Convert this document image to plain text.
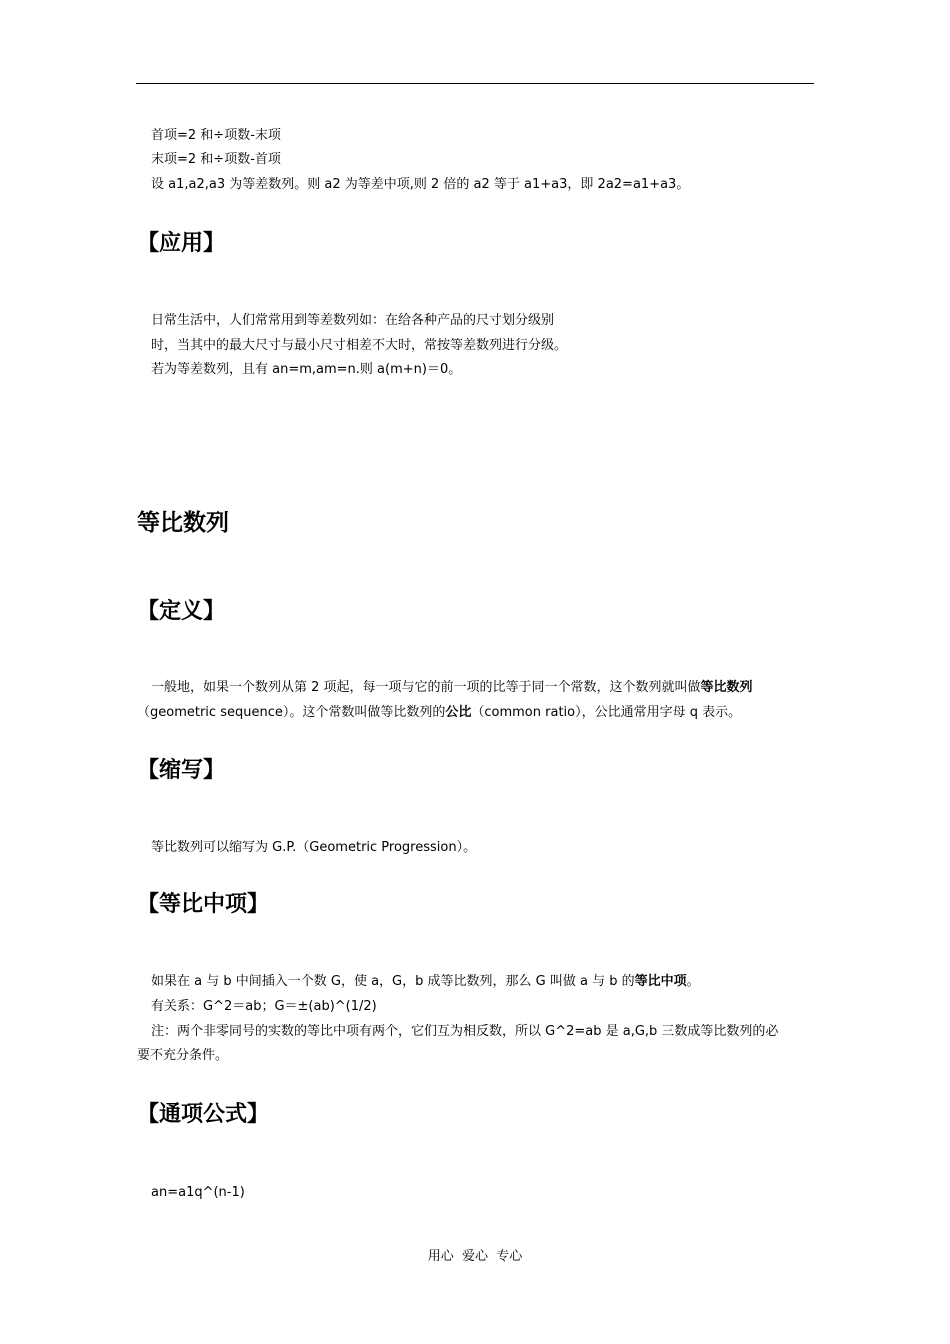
首项=2 和÷项数-末项
末项=2 和÷项数-首项
设 a1,a2,a3 为等差数列。则 a2 为等差中项,则 2 倍的 a2 等于 a1+a3，即 2a2=a1+a3。
【应用】
日常生活中，人们常常用到等差数列如：在给各种产品的尺寸划分级别
时，当其中的最大尺寸与最小尺寸相差不大时，常按等差数列进行分级。
若为等差数列，且有 an=m,am=n.则 a(m+n)＝0。
等比数列
【定义】
一般地，如果一个数列从第 2 项起，每一项与它的前一项的比等于同一个常数，这个数列就叫做等比数列
（geometric sequence）。这个常数叫做等比数列的公比（common ratio），公比通常用字母 q 表示。
【缩写】
等比数列可以缩写为 G.P.（Geometric Progression）。
【等比中项】
如果在 a 与 b 中间插入一个数 G，使 a，G，b 成等比数列，那么 G 叫做 a 与 b 的等比中项。
有关系：G^2＝ab；G＝±(ab)^(1/2)
注：两个非零同号的实数的等比中项有两个，它们互为相反数，所以 G^2=ab 是 a,G,b 三数成等比数列的必
要不充分条件。
【通项公式】
an=a1q^(n-1)
用心  爱心  专心
